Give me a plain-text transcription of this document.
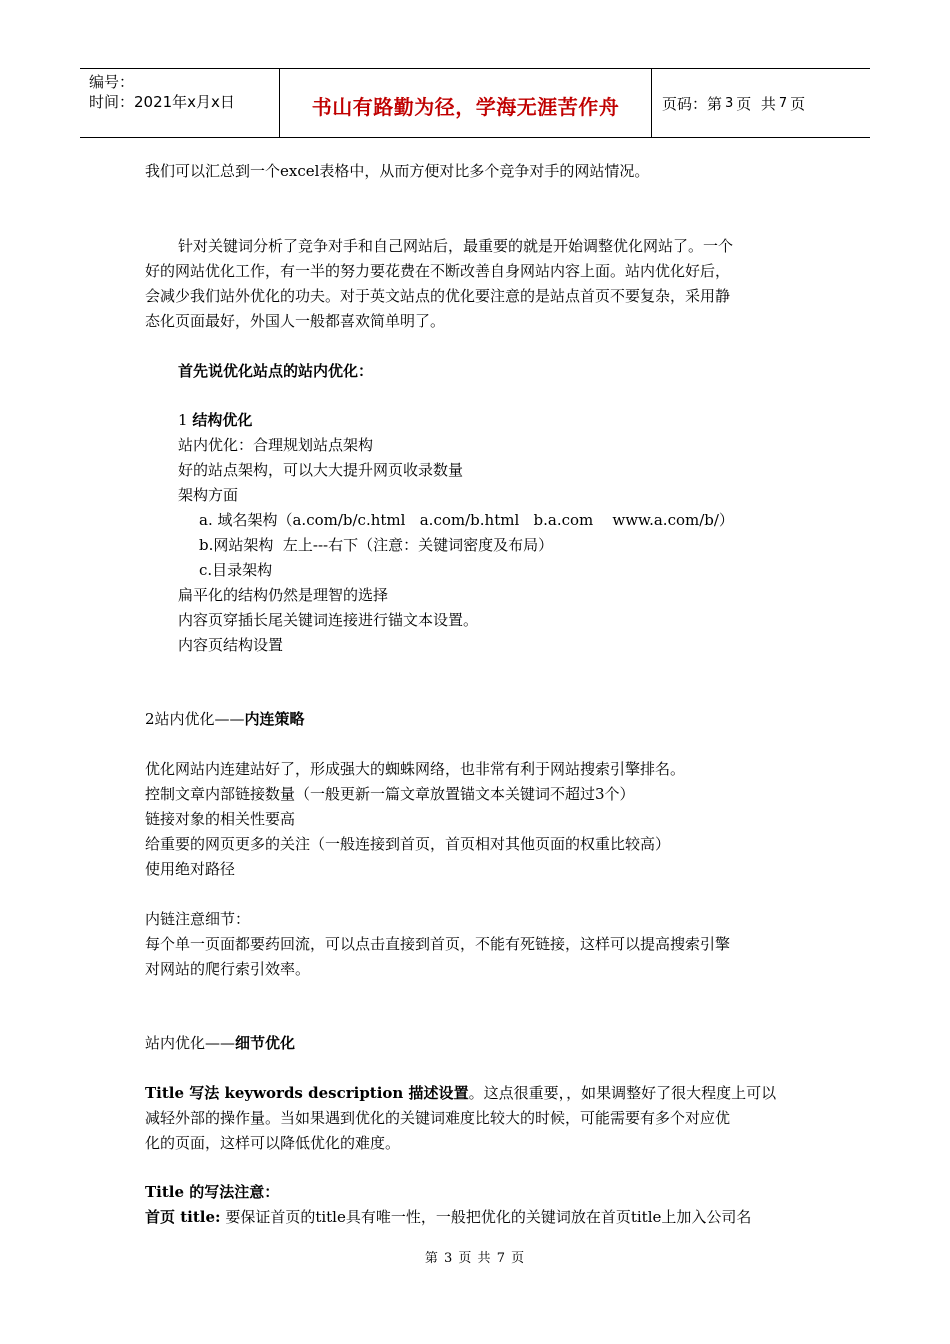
编号：
时间：2021年x月x日	书山有路勤为径，学海无涯苦作舟	页码：第 3 页  共 7 页
我们可以汇总到一个excel表格中，从而方便对比多个竞争对手的网站情况。
针对关键词分析了竞争对手和自己网站后，最重要的就是开始调整优化网站了。一个
好的网站优化工作，有一半的努力要花费在不断改善自身网站内容上面。站内优化好后，
会减少我们站外优化的功夫。对于英文站点的优化要注意的是站点首页不要复杂，采用静
态化页面最好，外国人一般都喜欢简单明了。
首先说优化站点的站内优化：
1 结构优化
站内优化：合理规划站点架构
好的站点架构，可以大大提升网页收录数量
架构方面
a. 域名架构（a.com/b/c.html   a.com/b.html   b.a.com    www.a.com/b/）
b.网站架构  左上---右下（注意：关键词密度及布局）
c.目录架构
扁平化的结构仍然是理智的选择
内容页穿插长尾关键词连接进行锚文本设置。
内容页结构设置
2站内优化——内连策略
优化网站内连建站好了，形成强大的蜘蛛网络，也非常有利于网站搜索引擎排名。
控制文章内部链接数量（一般更新一篇文章放置锚文本关键词不超过3个）
链接对象的相关性要高
给重要的网页更多的关注（一般连接到首页，首页相对其他页面的权重比较高）
使用绝对路径
内链注意细节：
每个单一页面都要药回流，可以点击直接到首页，不能有死链接，这样可以提高搜索引擎
对网站的爬行索引效率。
站内优化——细节优化
Title 写法 keywords description 描述设置。这点很重要，，如果调整好了很大程度上可以
减轻外部的操作量。当如果遇到优化的关键词难度比较大的时候，可能需要有多个对应优
化的页面，这样可以降低优化的难度。
Title 的写法注意：
首页 title: 要保证首页的title具有唯一性，一般把优化的关键词放在首页title上加入公司名
第 3 页 共 7 页
